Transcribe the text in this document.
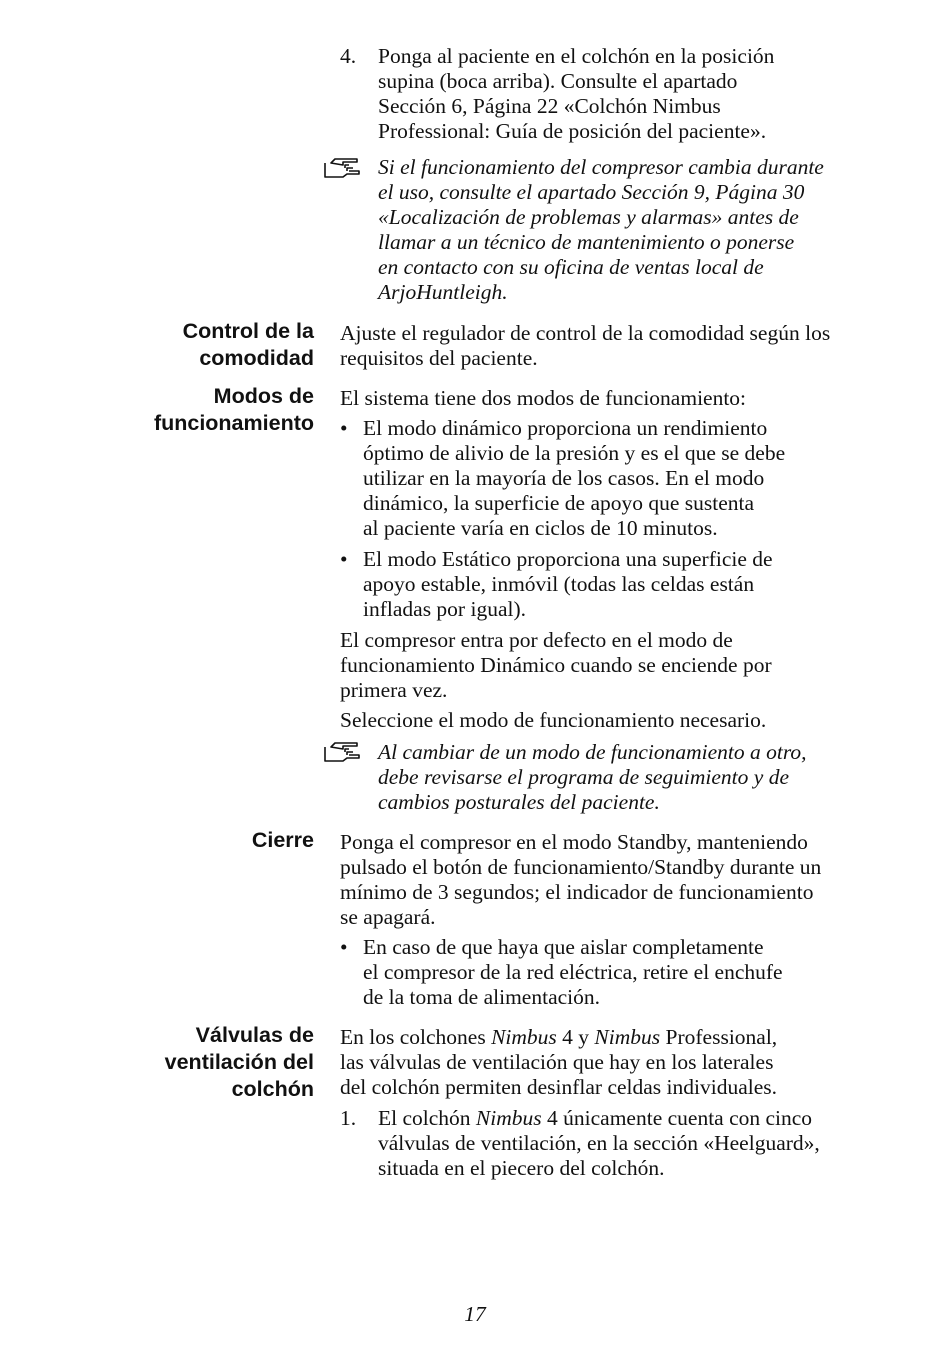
4. Ponga al paciente en el colchón en la posición
supina (boca arriba). Consulte el apartado
Sección 6, Página 22 «Colchón Nimbus
Professional: Guía de posición del paciente».
Si el funcionamiento del compresor cambia durante
el uso, consulte el apartado Sección 9, Página 30
«Localización de problemas y alarmas» antes de
llamar a un técnico de mantenimiento o ponerse
en contacto con su oficina de ventas local de
ArjoHuntleigh.
Control de la
comodidad
Ajuste el regulador de control de la comodidad según los
requisitos del paciente.
Modos de
funcionamiento
El sistema tiene dos modos de funcionamiento:
• El modo dinámico proporciona un rendimiento
óptimo de alivio de la presión y es el que se debe
utilizar en la mayoría de los casos. En el modo
dinámico, la superficie de apoyo que sustenta
al paciente varía en ciclos de 10 minutos.
• El modo Estático proporciona una superficie de
apoyo estable, inmóvil (todas las celdas están
infladas por igual).
El compresor entra por defecto en el modo de
funcionamiento Dinámico cuando se enciende por
primera vez.
Seleccione el modo de funcionamiento necesario.
Al cambiar de un modo de funcionamiento a otro,
debe revisarse el programa de seguimiento y de
cambios posturales del paciente.
Cierre Ponga el compresor en el modo Standby, manteniendo
pulsado el botón de funcionamiento/Standby durante un
mínimo de 3 segundos; el indicador de funcionamiento
se apagará.
• En caso de que haya que aislar completamente
el compresor de la red eléctrica, retire el enchufe
de la toma de alimentación.
Válvulas de
ventilación del
colchón
En los colchones Nimbus 4 y Nimbus Professional,
las válvulas de ventilación que hay en los laterales
del colchón permiten desinflar celdas individuales.
1. El colchón Nimbus 4 únicamente cuenta con cinco
válvulas de ventilación, en la sección «Heelguard»,
situada en el piecero del colchón.
17
